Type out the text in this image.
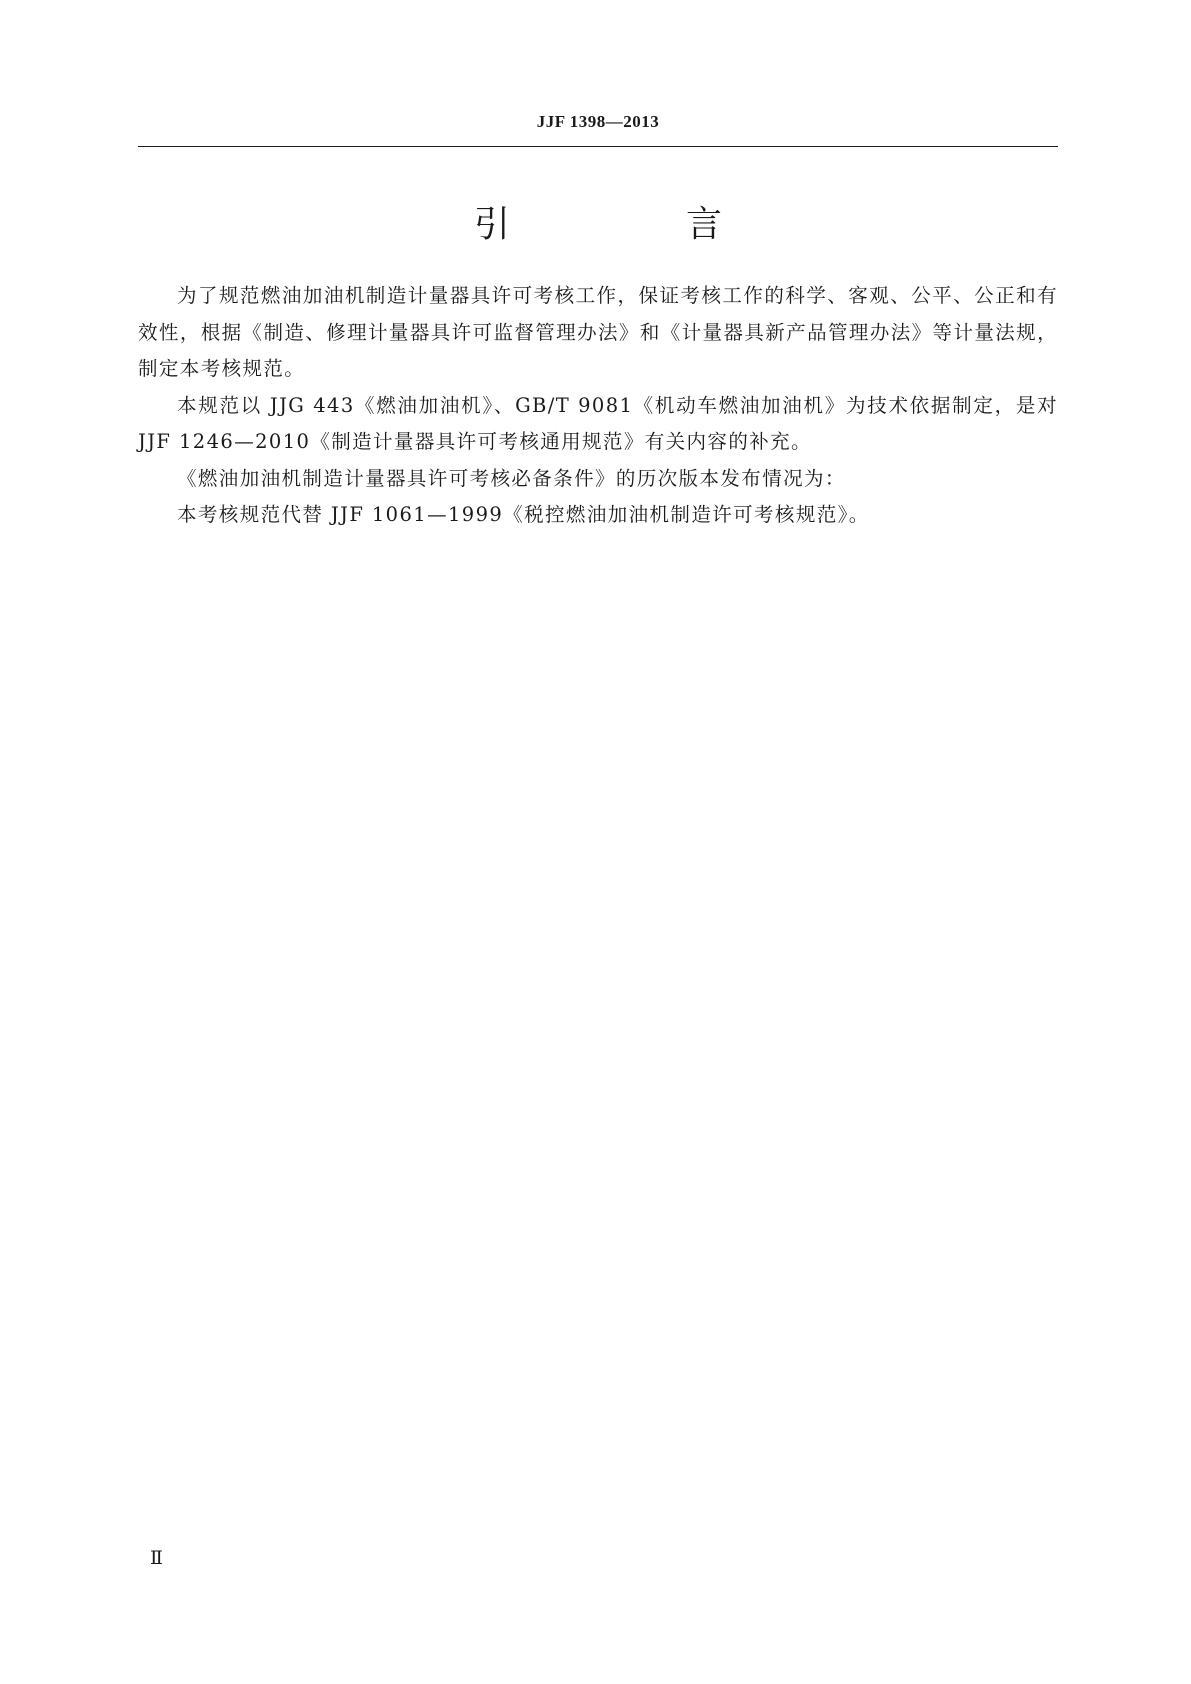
JJF 1398—2013
引　言

为了规范燃油加油机制造计量器具许可考核工作，保证考核工作的科学、客观、公平、公正和有效性，根据《制造、修理计量器具许可监督管理办法》和《计量器具新产品管理办法》等计量法规，制定本考核规范。

本规范以 JJG 443《燃油加油机》、GB/T 9081《机动车燃油加油机》为技术依据制定，是对 JJF 1246—2010《制造计量器具许可考核通用规范》有关内容的补充。

《燃油加油机制造计量器具许可考核必备条件》的历次版本发布情况为：

本考核规范代替 JJF 1061—1999《税控燃油加油机制造许可考核规范》。

Ⅱ
